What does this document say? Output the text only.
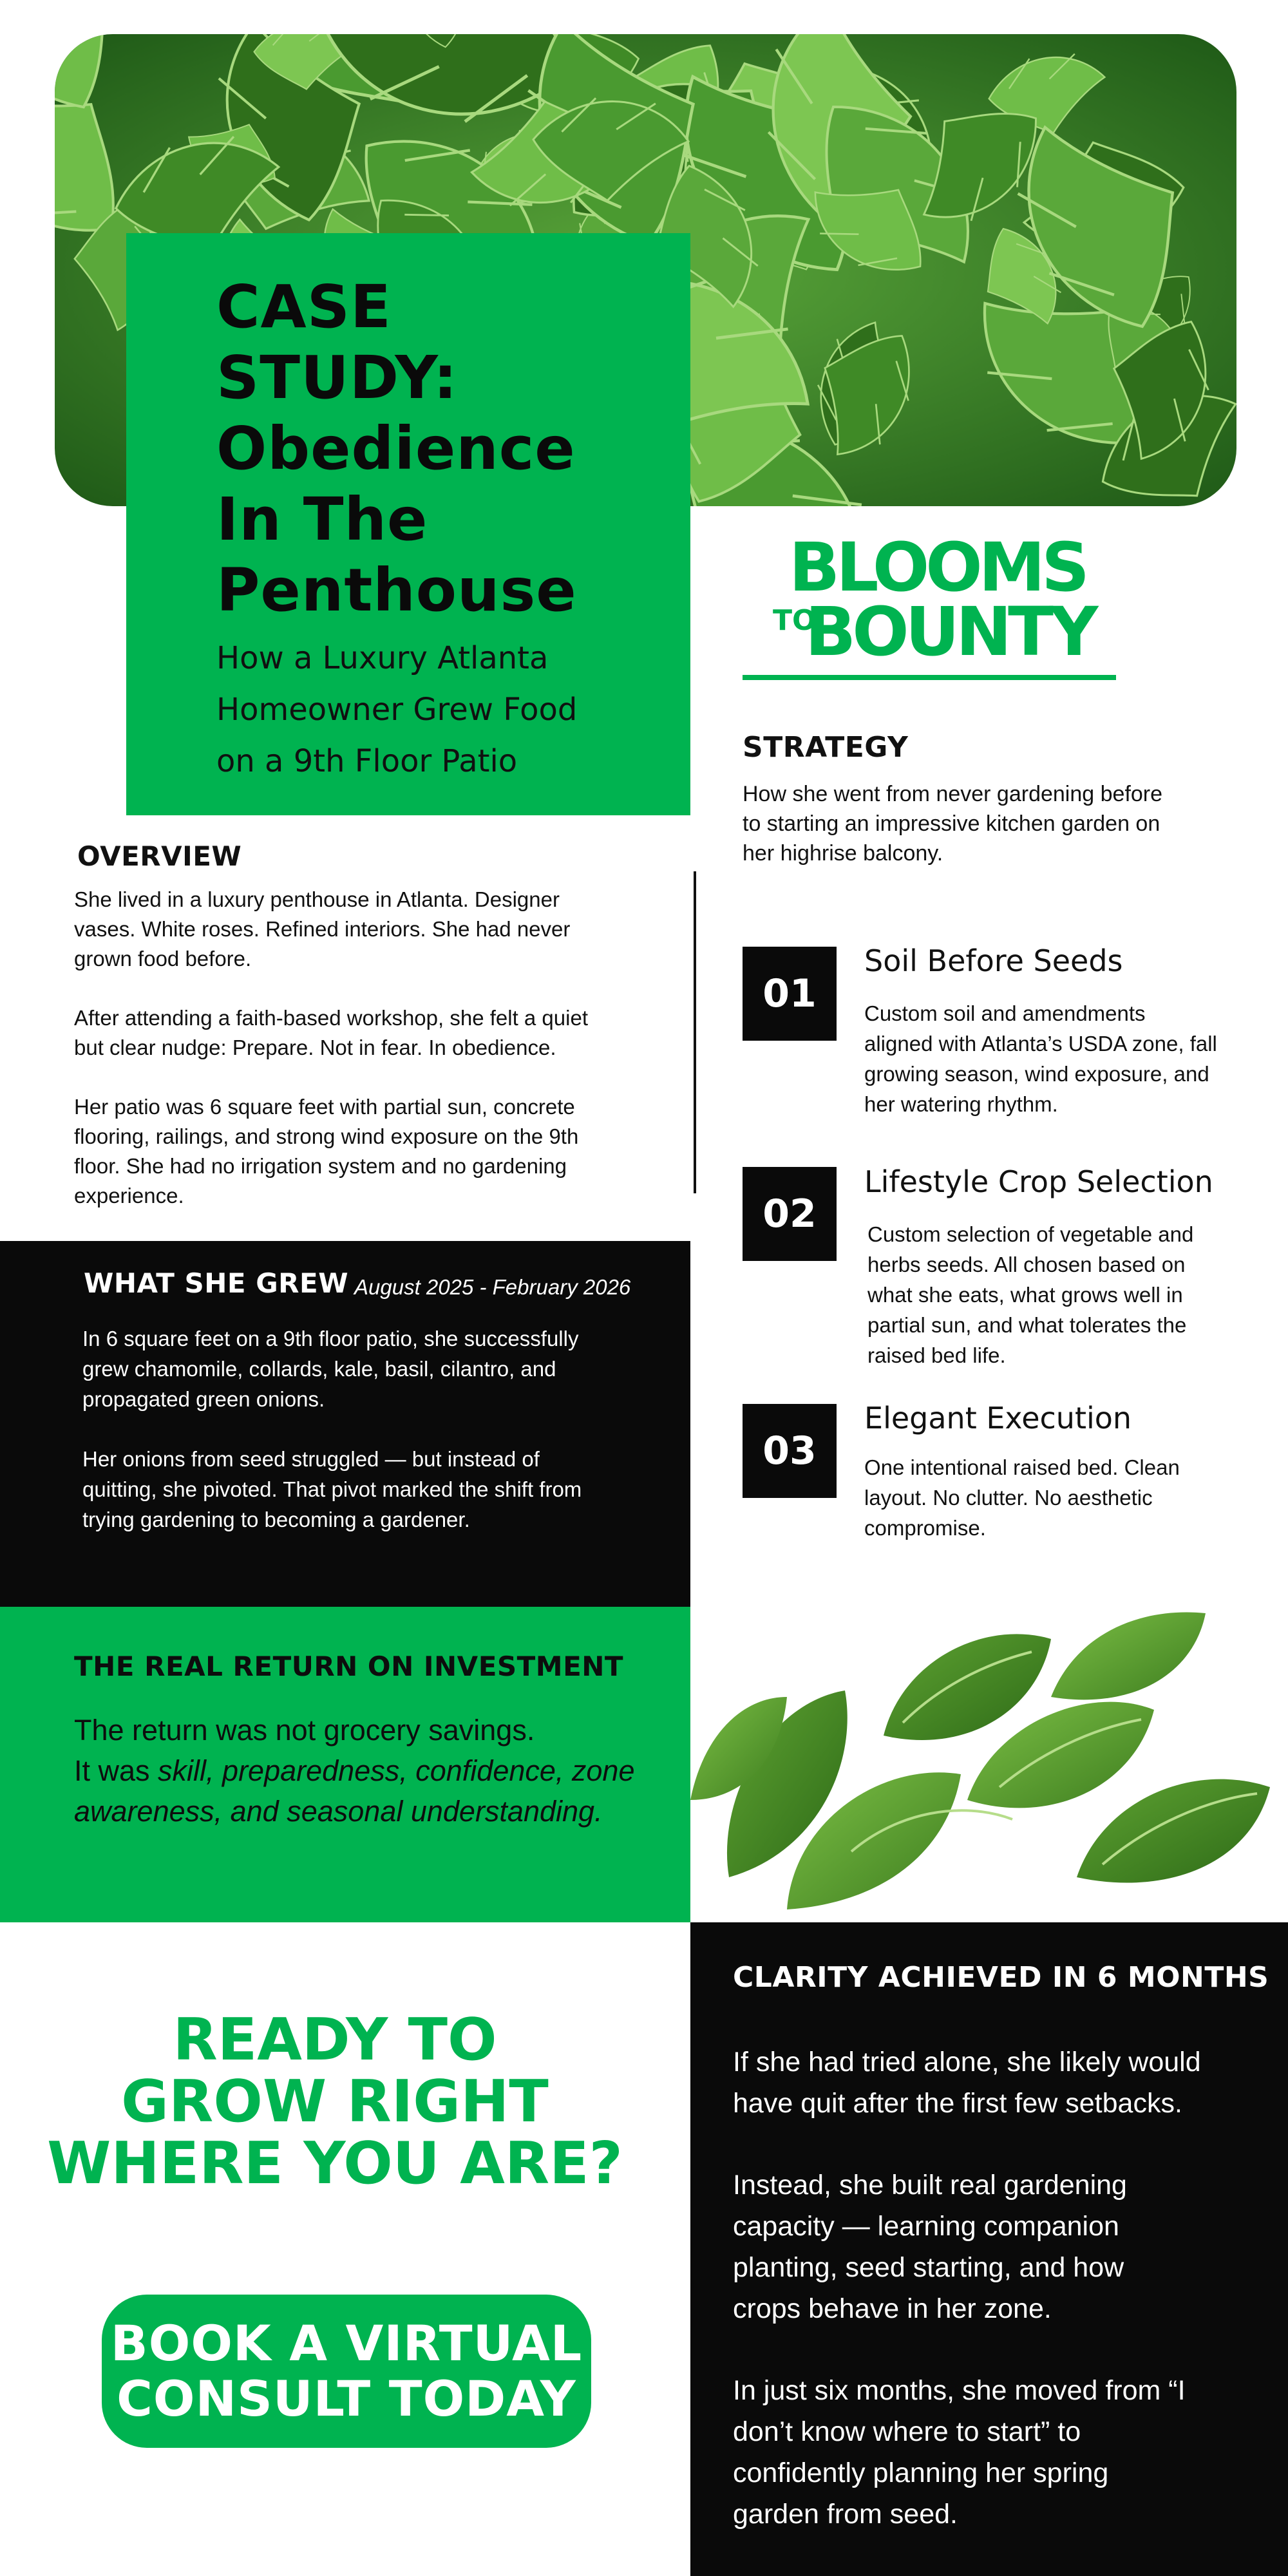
CASE
STUDY:
Obedience
In The
Penthouse
How a Luxury Atlanta
Homeowner Grew Food
on a 9th Floor Patio
BLOOMS
TOBOUNTY
STRATEGY
How she went from never gardening before
to starting an impressive kitchen garden on
her highrise balcony.
01
Soil Before Seeds
Custom soil and amendments
aligned with Atlanta’s USDA zone, fall
growing season, wind exposure, and
her watering rhythm.
02
Lifestyle Crop Selection
Custom selection of vegetable and
herbs seeds. All chosen based on
what she eats, what grows well in
partial sun, and what tolerates the
raised bed life.
03
Elegant Execution
One intentional raised bed. Clean
layout. No clutter. No aesthetic
compromise.
OVERVIEW

She lived in a luxury penthouse in Atlanta. Designer
vases. White roses. Refined interiors. She had never
grown food before.

After attending a faith-based workshop, she felt a quiet
but clear nudge: Prepare. Not in fear. In obedience.

Her patio was 6 square feet with partial sun, concrete
flooring, railings, and strong wind exposure on the 9th
floor. She had no irrigation system and no gardening
experience.

WHAT SHE GREW August 2025 - February 2026

In 6 square feet on a 9th floor patio, she successfully
grew chamomile, collards, kale, basil, cilantro, and
propagated green onions.

Her onions from seed struggled — but instead of
quitting, she pivoted. That pivot marked the shift from
trying gardening to becoming a gardener.

THE REAL RETURN ON INVESTMENT
The return was not grocery savings.
It was skill, preparedness, confidence, zone
awareness, and seasonal understanding.
READY TO
GROW RIGHT
WHERE YOU ARE?
BOOK A VIRTUAL
CONSULT TODAY
CLARITY ACHIEVED IN 6 MONTHS

If she had tried alone, she likely would
have quit after the first few setbacks.

Instead, she built real gardening
capacity — learning companion
planting, seed starting, and how
crops behave in her zone.

In just six months, she moved from “I
don’t know where to start” to
confidently planning her spring
garden from seed.
